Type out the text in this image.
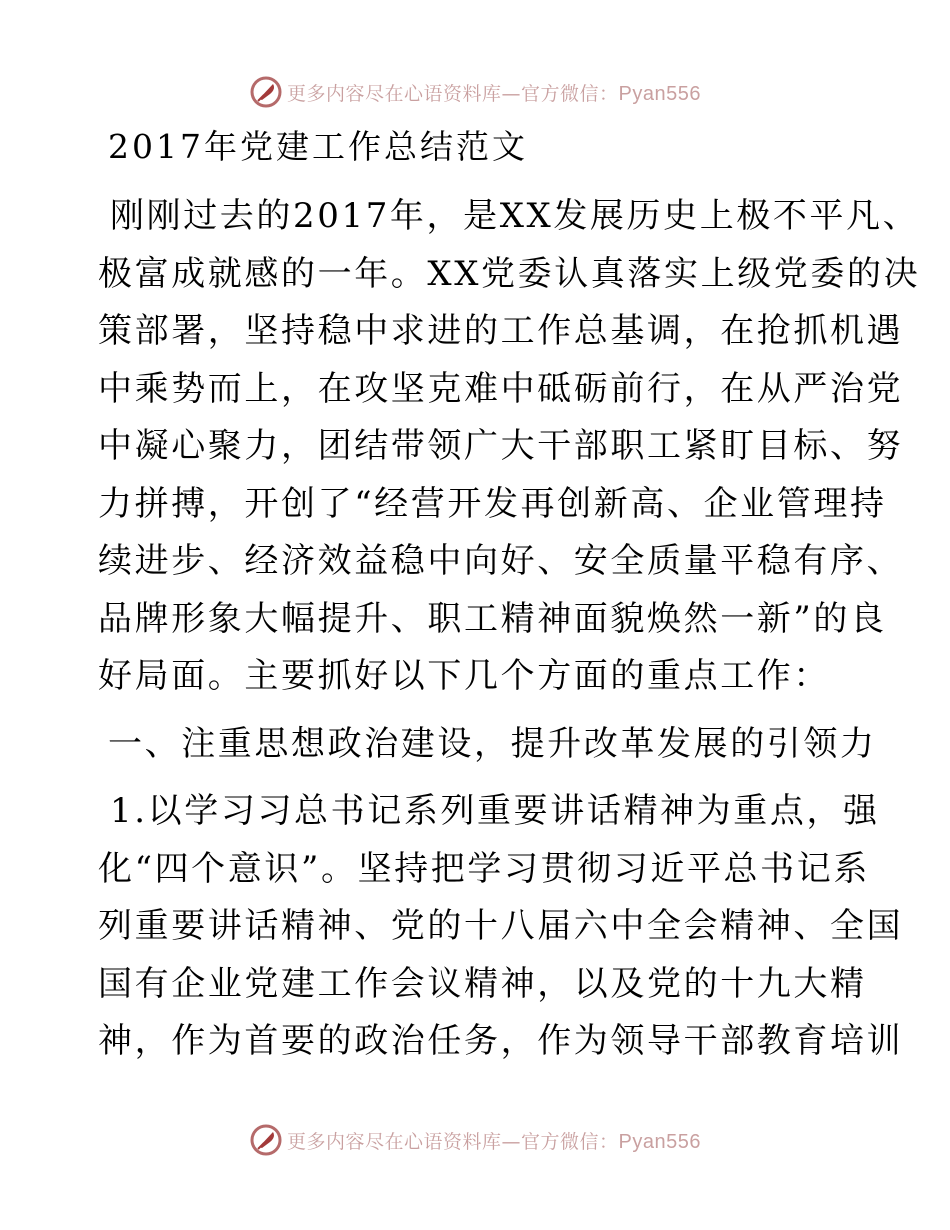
更多内容尽在心语资料库—官方微信：Pyan556
2017年党建工作总结范文
刚刚过去的2017年，是XX发展历史上极不平凡、
极富成就感的一年。XX党委认真落实上级党委的决
策部署，坚持稳中求进的工作总基调，在抢抓机遇
中乘势而上，在攻坚克难中砥砺前行，在从严治党
中凝心聚力，团结带领广大干部职工紧盯目标、努
力拼搏，开创了“经营开发再创新高、企业管理持
续进步、经济效益稳中向好、安全质量平稳有序、
品牌形象大幅提升、职工精神面貌焕然一新”的良
好局面。主要抓好以下几个方面的重点工作：
一、注重思想政治建设，提升改革发展的引领力
1.以学习习总书记系列重要讲话精神为重点，强
化“四个意识”。坚持把学习贯彻习近平总书记系
列重要讲话精神、党的十八届六中全会精神、全国
国有企业党建工作会议精神，以及党的十九大精
神，作为首要的政治任务，作为领导干部教育培训
更多内容尽在心语资料库—官方微信：Pyan556
